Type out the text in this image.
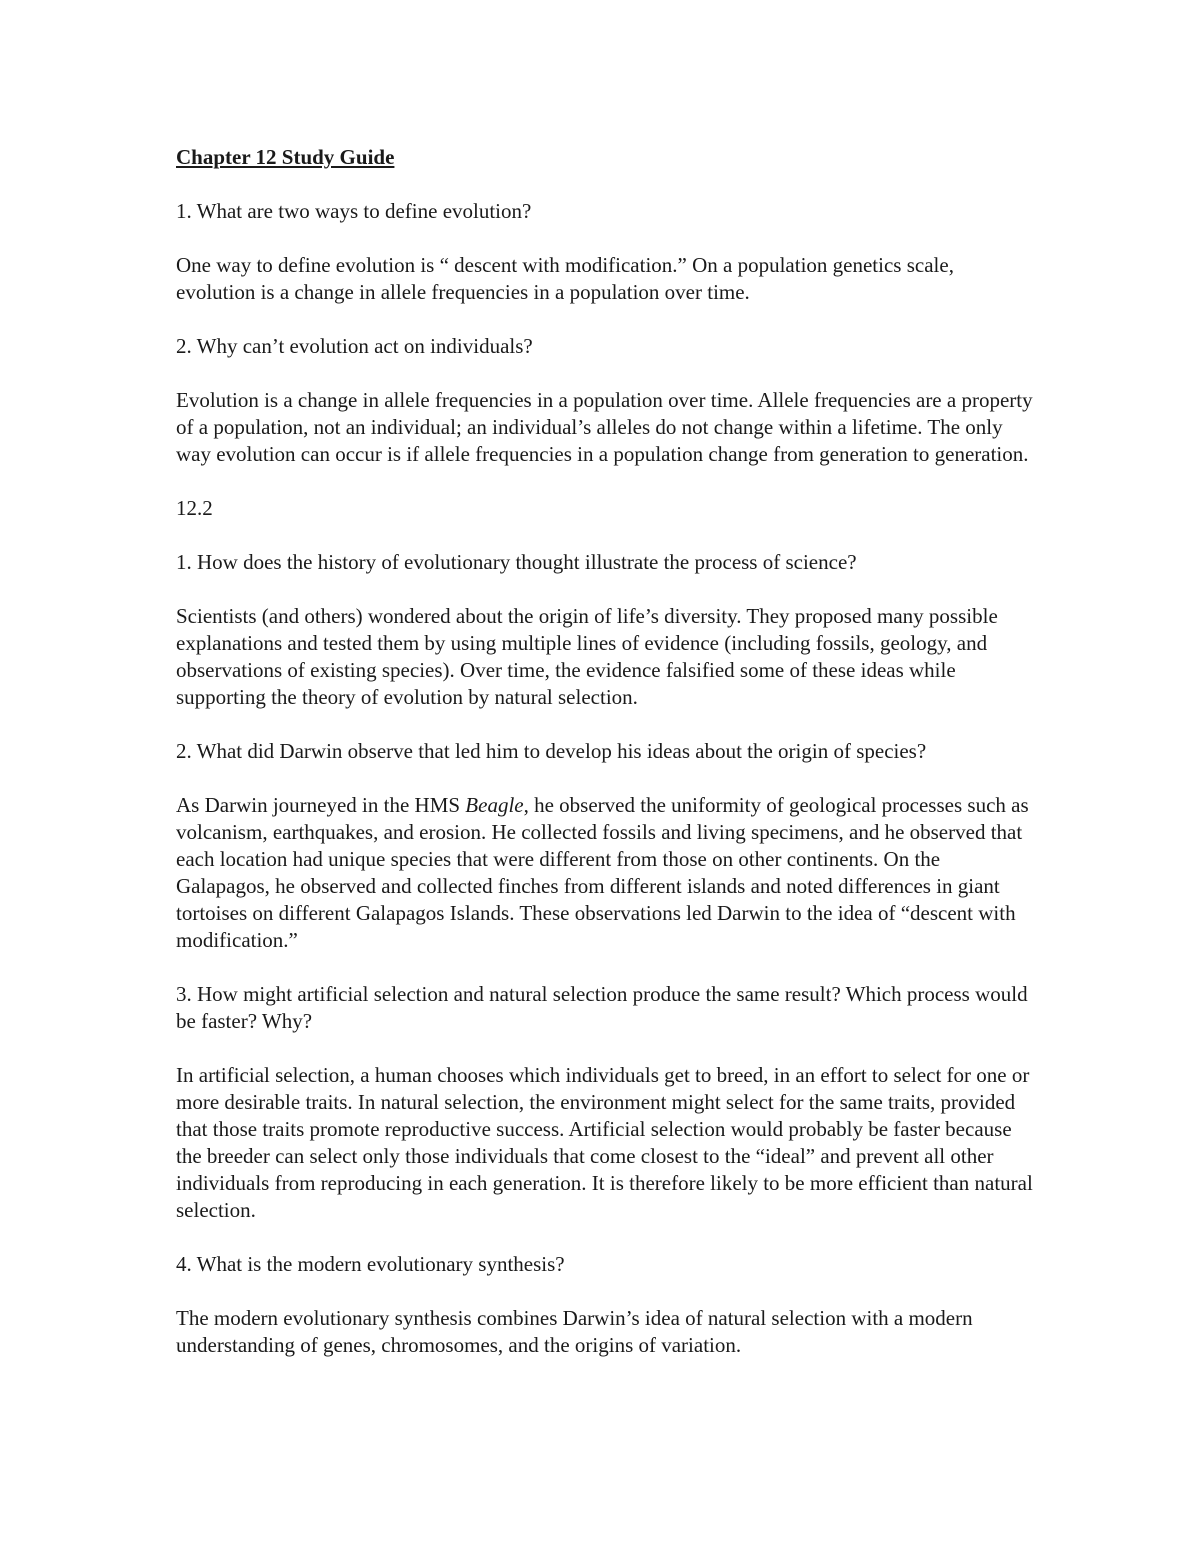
Chapter 12 Study Guide

1. What are two ways to define evolution?

One way to define evolution is “ descent with modification.” On a population genetics scale, evolution is a change in allele frequencies in a population over time.

2. Why can’t evolution act on individuals?

Evolution is a change in allele frequencies in a population over time. Allele frequencies are a property of a population, not an individual; an individual’s alleles do not change within a lifetime. The only way evolution can occur is if allele frequencies in a population change from generation to generation.

12.2

1. How does the history of evolutionary thought illustrate the process of science?

Scientists (and others) wondered about the origin of life’s diversity. They proposed many possible explanations and tested them by using multiple lines of evidence (including fossils, geology, and observations of existing species). Over time, the evidence falsified some of these ideas while supporting the theory of evolution by natural selection.

2. What did Darwin observe that led him to develop his ideas about the origin of species?

As Darwin journeyed in the HMS Beagle, he observed the uniformity of geological processes such as volcanism, earthquakes, and erosion. He collected fossils and living specimens, and he observed that each location had unique species that were different from those on other continents. On the Galapagos, he observed and collected finches from different islands and noted differences in giant tortoises on different Galapagos Islands. These observations led Darwin to the idea of “descent with modification.”

3. How might artificial selection and natural selection produce the same result? Which process would be faster? Why?

In artificial selection, a human chooses which individuals get to breed, in an effort to select for one or more desirable traits. In natural selection, the environment might select for the same traits, provided that those traits promote reproductive success. Artificial selection would probably be faster because the breeder can select only those individuals that come closest to the “ideal” and prevent all other individuals from reproducing in each generation. It is therefore likely to be more efficient than natural selection.

4. What is the modern evolutionary synthesis?

The modern evolutionary synthesis combines Darwin’s idea of natural selection with a modern understanding of genes, chromosomes, and the origins of variation.
